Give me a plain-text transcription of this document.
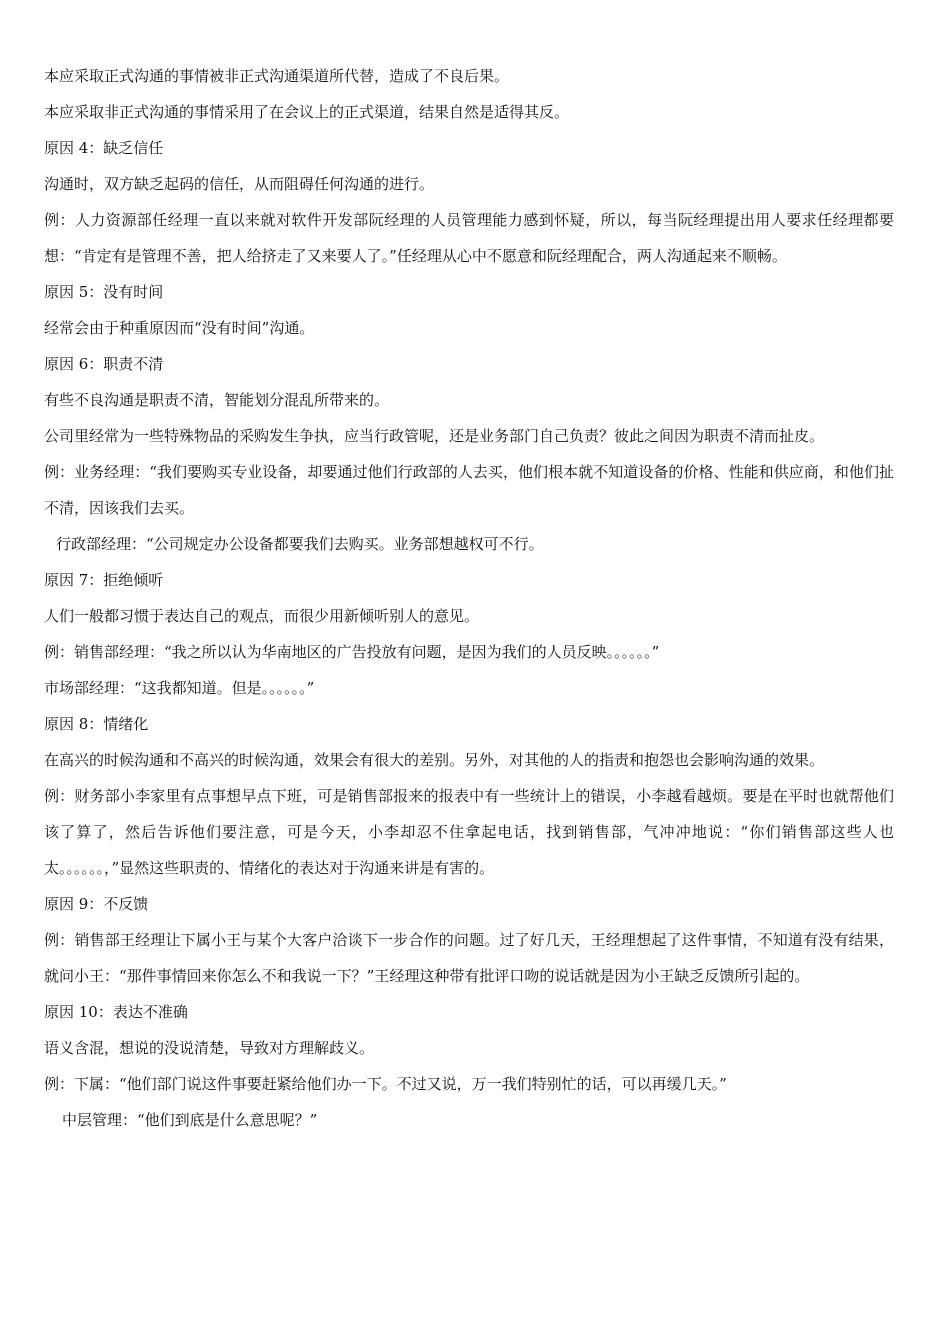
本应采取正式沟通的事情被非正式沟通渠道所代替，造成了不良后果。

本应采取非正式沟通的事情采用了在会议上的正式渠道，结果自然是适得其反。

原因 4：缺乏信任

沟通时，双方缺乏起码的信任，从而阻碍任何沟通的进行。

例：人力资源部任经理一直以来就对软件开发部阮经理的人员管理能力感到怀疑，所以，每当阮经理提出用人要求任经理都要想：“肯定有是管理不善，把人给挤走了又来要人了。”任经理从心中不愿意和阮经理配合，两人沟通起来不顺畅。

原因 5：没有时间

经常会由于种重原因而“没有时间”沟通。

原因 6：职责不清

有些不良沟通是职责不清，智能划分混乱所带来的。

公司里经常为一些特殊物品的采购发生争执，应当行政管呢，还是业务部门自己负责？彼此之间因为职责不清而扯皮。

例：业务经理：“我们要购买专业设备，却要通过他们行政部的人去买，他们根本就不知道设备的价格、性能和供应商，和他们扯不清，因该我们去买。

行政部经理：“公司规定办公设备都要我们去购买。业务部想越权可不行。

原因 7：拒绝倾听

人们一般都习惯于表达自己的观点，而很少用新倾听别人的意见。

例：销售部经理：“我之所以认为华南地区的广告投放有问题，是因为我们的人员反映。。。。。。”

市场部经理：“这我都知道。但是。。。。。。”

原因 8：情绪化

在高兴的时候沟通和不高兴的时候沟通，效果会有很大的差别。另外，对其他的人的指责和抱怨也会影响沟通的效果。

例：财务部小李家里有点事想早点下班，可是销售部报来的报表中有一些统计上的错误，小李越看越烦。要是在平时也就帮他们该了算了，然后告诉他们要注意，可是今天，小李却忍不住拿起电话，找到销售部，气冲冲地说：“你们销售部这些人也太。。。。。。，”显然这些职责的、情绪化的表达对于沟通来讲是有害的。

原因 9：不反馈

例：销售部王经理让下属小王与某个大客户洽谈下一步合作的问题。过了好几天，王经理想起了这件事情，不知道有没有结果，就问小王：“那件事情回来你怎么不和我说一下？”王经理这种带有批评口吻的说话就是因为小王缺乏反馈所引起的。

原因 10：表达不准确

语义含混，想说的没说清楚，导致对方理解歧义。

例：下属：“他们部门说这件事要赶紧给他们办一下。不过又说，万一我们特别忙的话，可以再缓几天。”

中层管理：“他们到底是什么意思呢？”
